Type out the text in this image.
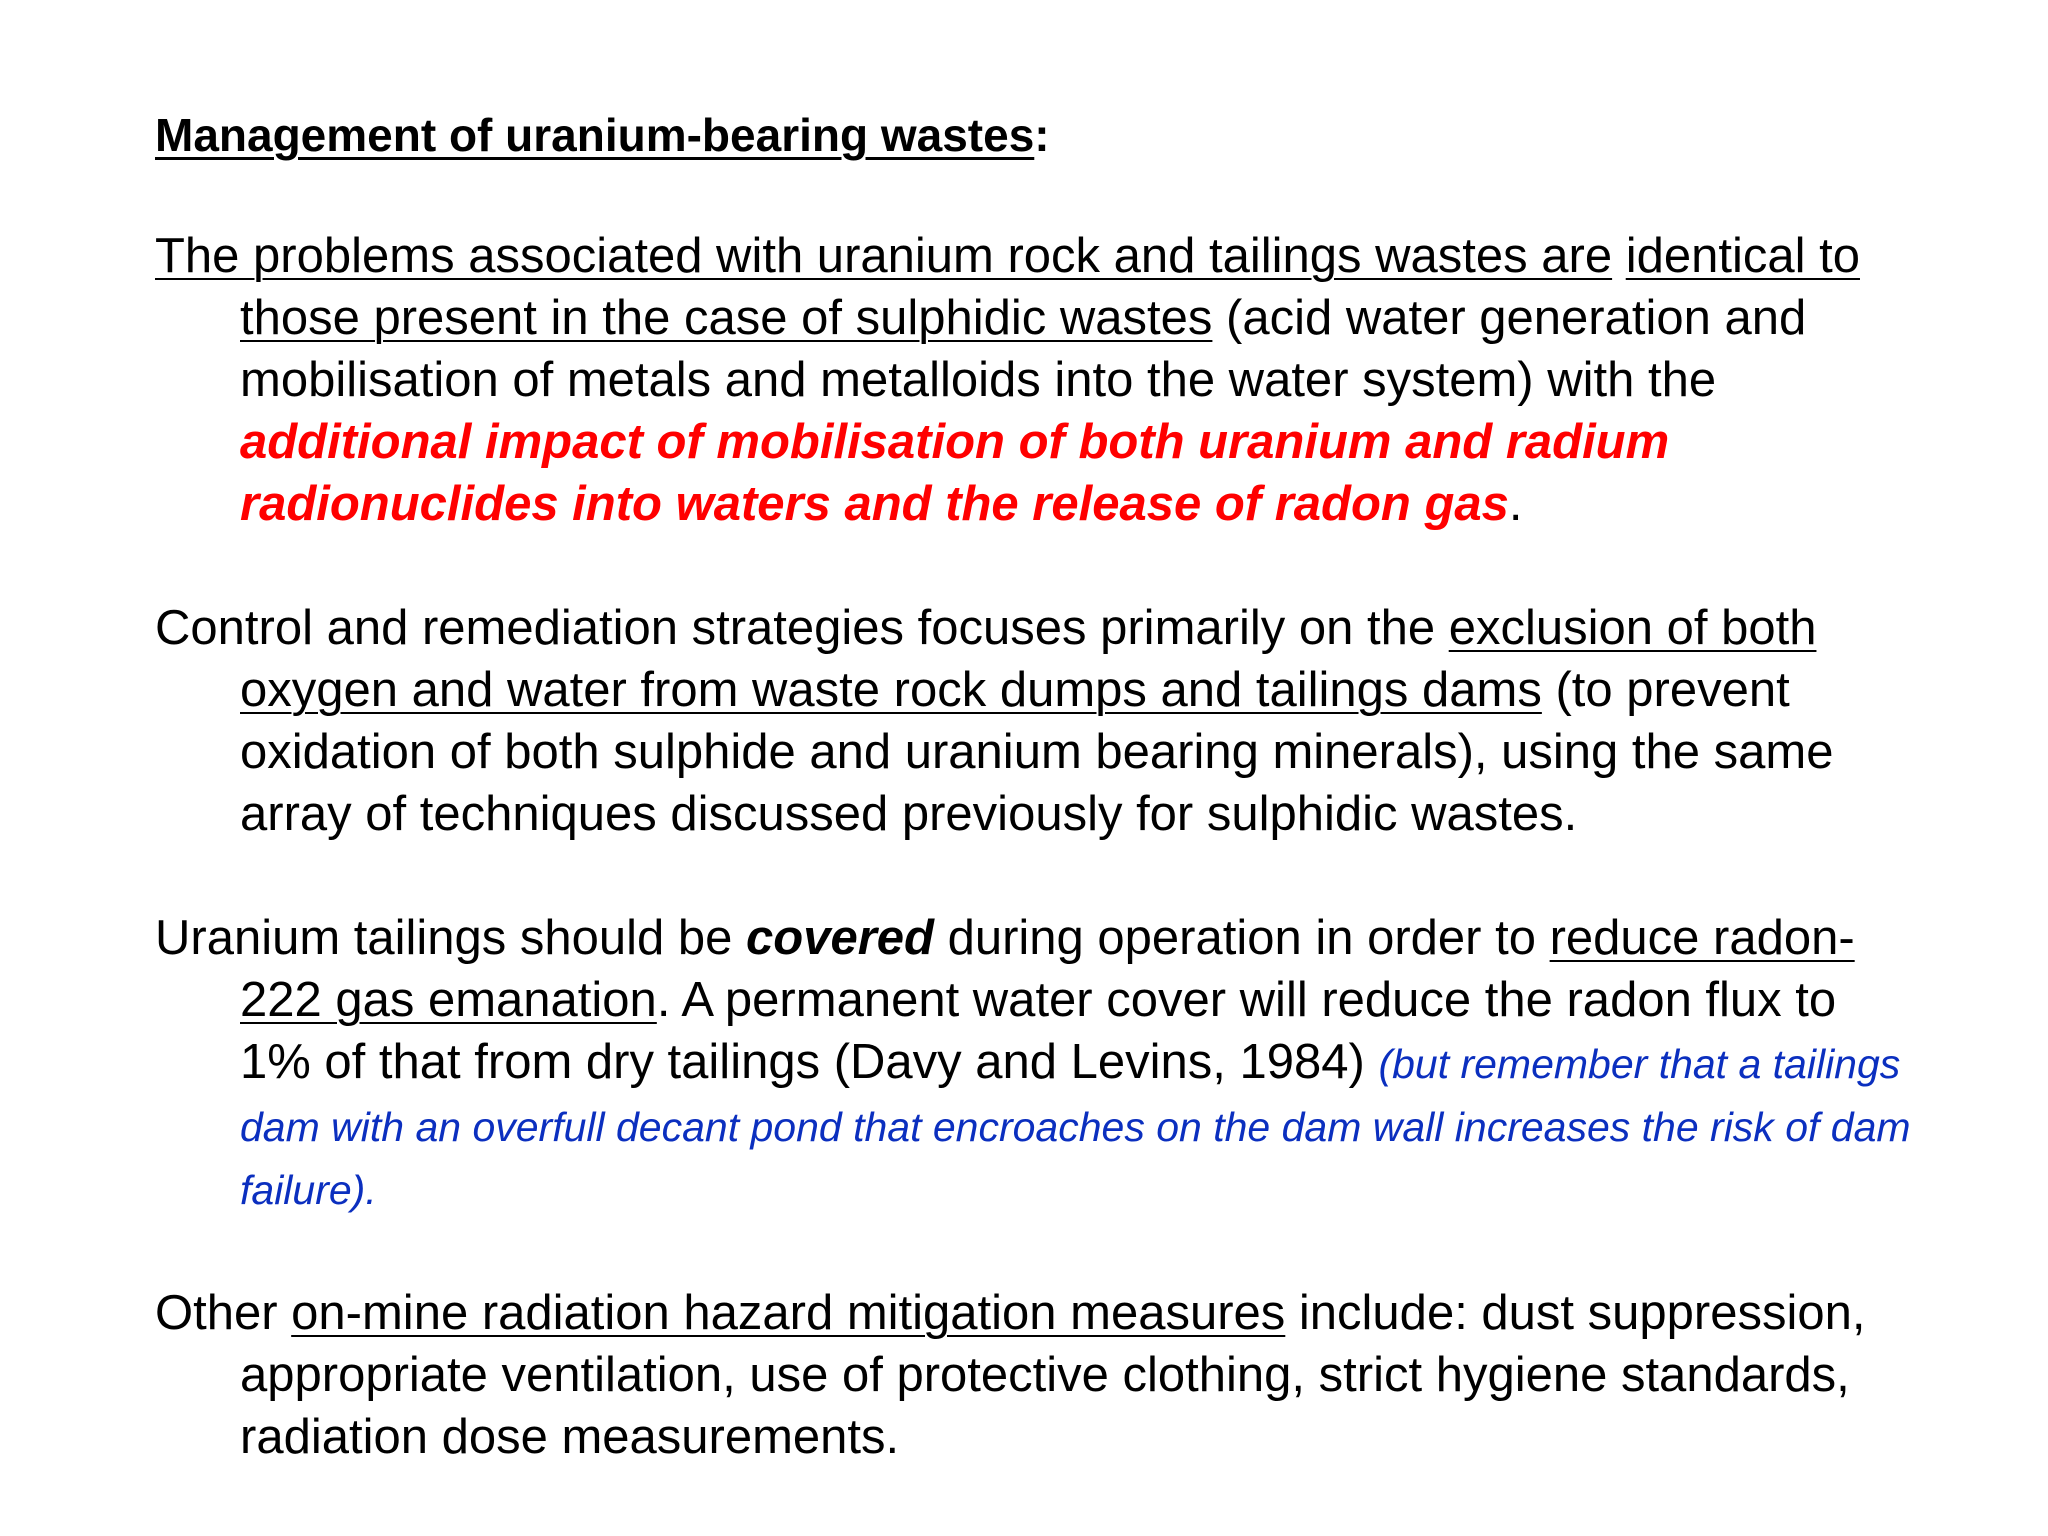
Management of uranium-bearing wastes:

The problems associated with uranium rock and tailings wastes are identical to those present in the case of sulphidic wastes (acid water generation and mobilisation of metals and metalloids into the water system) with the additional impact of mobilisation of both uranium and radium radionuclides into waters and the release of radon gas.

Control and remediation strategies focuses primarily on the exclusion of both oxygen and water from waste rock dumps and tailings dams (to prevent oxidation of both sulphide and uranium bearing minerals), using the same array of techniques discussed previously for sulphidic wastes.

Uranium tailings should be covered during operation in order to reduce radon-222 gas emanation. A permanent water cover will reduce the radon flux to 1% of that from dry tailings (Davy and Levins, 1984) (but remember that a tailings dam with an overfull decant pond that encroaches on the dam wall increases the risk of dam failure).

Other on-mine radiation hazard mitigation measures include: dust suppression, appropriate ventilation, use of protective clothing, strict hygiene standards, radiation dose measurements.
